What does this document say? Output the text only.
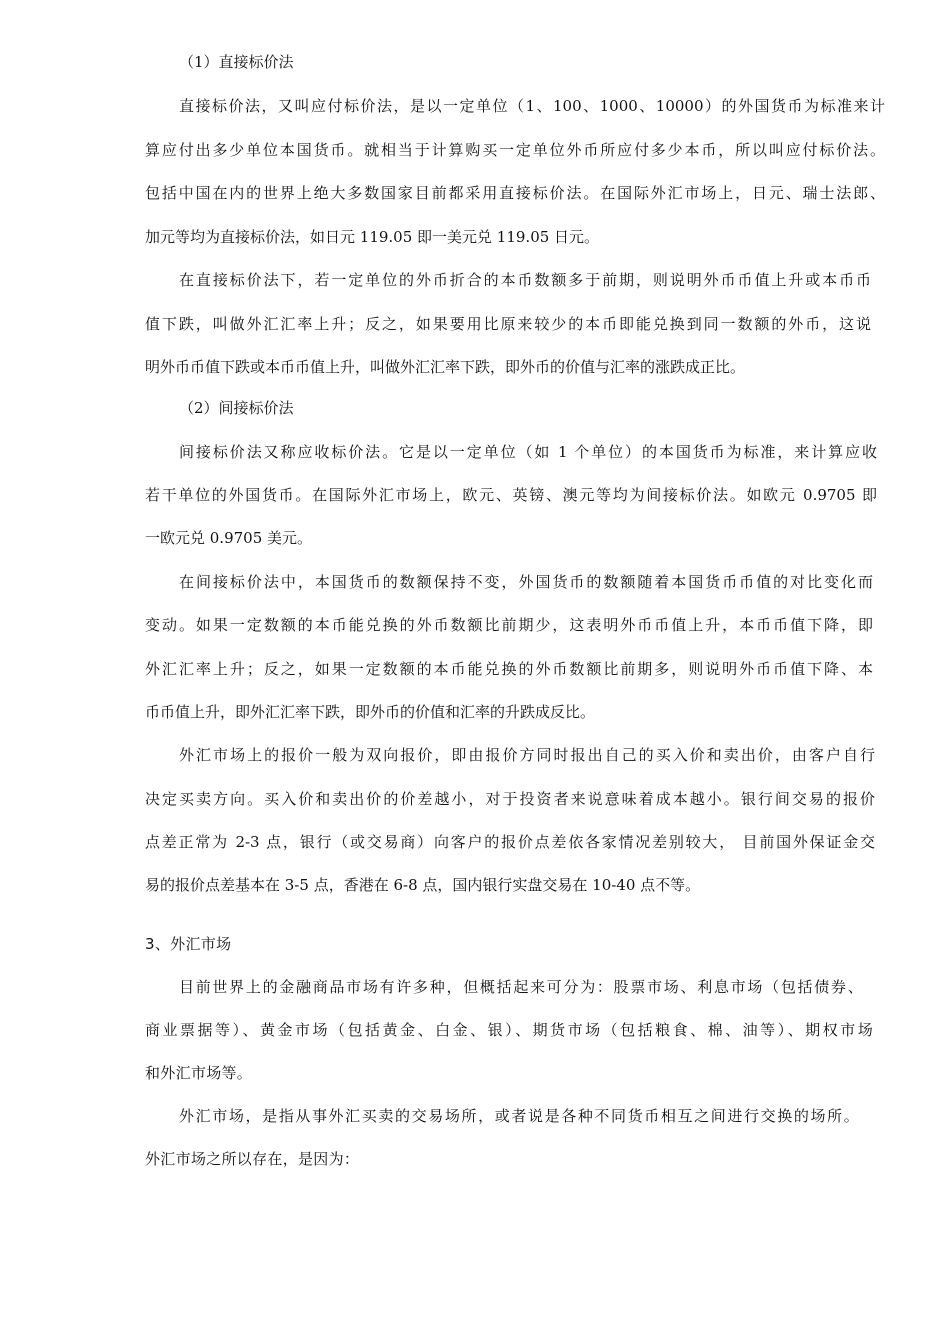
（1）直接标价法
直接标价法，又叫应付标价法，是以一定单位（1、100、1000、10000）的外国货币为标准来计
算应付出多少单位本国货币。就相当于计算购买一定单位外币所应付多少本币，所以叫应付标价法。
包括中国在内的世界上绝大多数国家目前都采用直接标价法。在国际外汇市场上，日元、瑞士法郎、
加元等均为直接标价法，如日元 119.05 即一美元兑 119.05 日元。
在直接标价法下，若一定单位的外币折合的本币数额多于前期，则说明外币币值上升或本币币
值下跌，叫做外汇汇率上升；反之，如果要用比原来较少的本币即能兑换到同一数额的外币，这说
明外币币值下跌或本币币值上升，叫做外汇汇率下跌，即外币的价值与汇率的涨跌成正比。
（2）间接标价法
间接标价法又称应收标价法。它是以一定单位（如 1 个单位）的本国货币为标准，来计算应收
若干单位的外国货币。在国际外汇市场上，欧元、英镑、澳元等均为间接标价法。如欧元 0.9705 即
一欧元兑 0.9705 美元。
在间接标价法中，本国货币的数额保持不变，外国货币的数额随着本国货币币值的对比变化而
变动。如果一定数额的本币能兑换的外币数额比前期少，这表明外币币值上升，本币币值下降，即
外汇汇率上升；反之，如果一定数额的本币能兑换的外币数额比前期多，则说明外币币值下降、本
币币值上升，即外汇汇率下跌，即外币的价值和汇率的升跌成反比。
外汇市场上的报价一般为双向报价，即由报价方同时报出自己的买入价和卖出价，由客户自行
决定买卖方向。买入价和卖出价的价差越小，对于投资者来说意味着成本越小。银行间交易的报价
点差正常为 2-3 点，银行（或交易商）向客户的报价点差依各家情况差别较大， 目前国外保证金交
易的报价点差基本在 3-5 点，香港在 6-8 点，国内银行实盘交易在 10-40 点不等。
3、外汇市场
目前世界上的金融商品市场有许多种，但概括起来可分为：股票市场、利息市场（包括债券、
商业票据等）、黄金市场（包括黄金、白金、银）、期货市场（包括粮食、棉、油等）、期权市场
和外汇市场等。
外汇市场，是指从事外汇买卖的交易场所，或者说是各种不同货币相互之间进行交换的场所。
外汇市场之所以存在，是因为：
